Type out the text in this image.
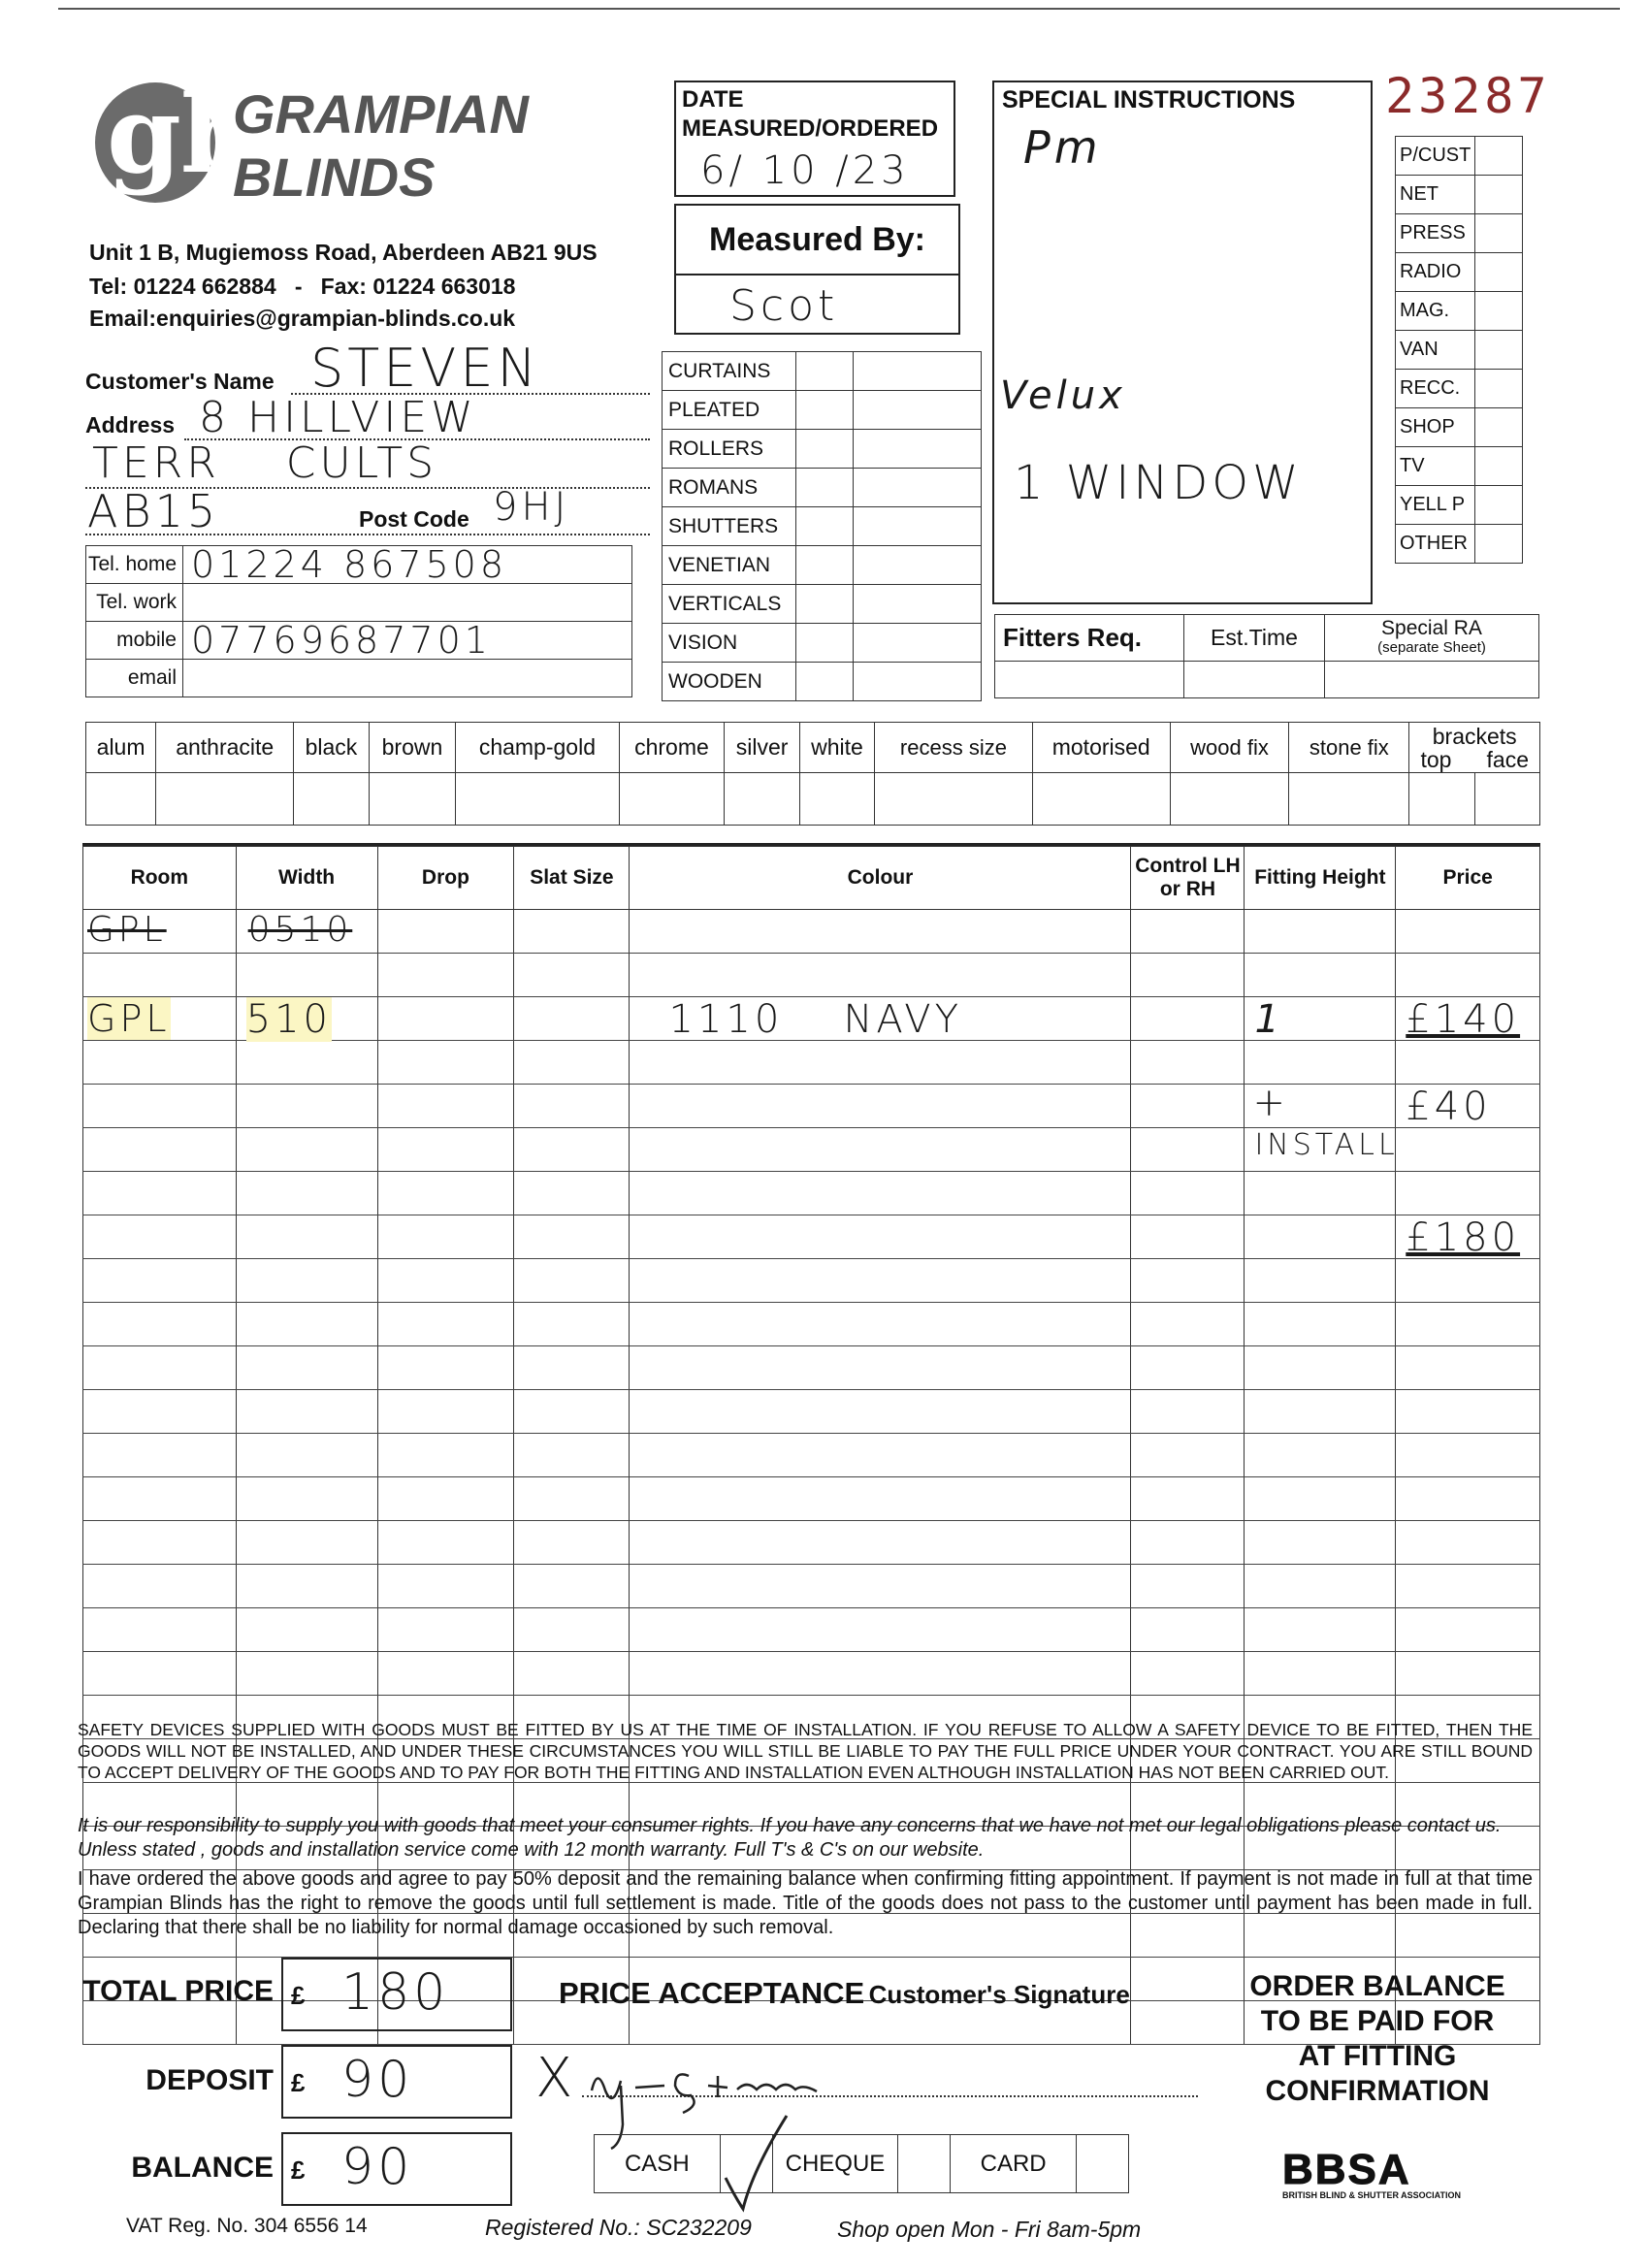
gb
GRAMPIAN
BLINDS
Unit 1 B, Mugiemoss Road, Aberdeen AB21 9US
Tel: 01224 662884   -   Fax: 01224 663018
Email:enquiries@grampian-blinds.co.uk
DATE
MEASURED/ORDERED
6/ 10 /23
Measured By:
Scot
SPECIAL INSTRUCTIONS
Pm
Velux
1 WINDOW
23287
P/CUST	
NET	
PRESS	
RADIO	
MAG.	
VAN	
RECC.	
SHOP	
TV	
YELL P	
OTHER	
Customer's Name STEVEN
Address 8 HILLVIEW
TERR CULTS
AB15	Post Code 9HJ
Tel. home	01224 867508
Tel. work	
mobile	07769687701
email	
CURTAINS		
PLEATED		
ROLLERS		
ROMANS		
SHUTTERS		
VENETIAN		
VERTICALS		
VISION		
WOODEN		
Fitters Req.	Est.Time	Special RA
(separate Sheet)

alum	anthracite	black	brown	champ-gold	chrome	silver	white	recess size	motorised	wood fix	stone fix	brackets
top face	

Room	Width	Drop	Slat Size	Colour	Control LH or RH	Fitting Height	Price

GPL	0510						

GPL	510			1110 NAVY		1	£140

						+	£40

						INSTALL	

							£180

SAFETY DEVICES SUPPLIED WITH GOODS MUST BE FITTED BY US AT THE TIME OF INSTALLATION. IF YOU REFUSE TO ALLOW A SAFETY DEVICE TO BE FITTED, THEN THE GOODS WILL NOT BE INSTALLED, AND UNDER THESE CIRCUMSTANCES YOU WILL STILL BE LIABLE TO PAY THE FULL PRICE UNDER YOUR CONTRACT. YOU ARE STILL BOUND TO ACCEPT DELIVERY OF THE GOODS AND TO PAY FOR BOTH THE FITTING AND INSTALLATION EVEN ALTHOUGH INSTALLATION HAS NOT BEEN CARRIED OUT.
It is our responsibility to supply you with goods that meet your consumer rights. If you have any concerns that we have not met our legal obligations please contact us. Unless stated , goods and installation service come with 12 month warranty. Full T's & C's on our website.
I have ordered the above goods and agree to pay 50% deposit and the remaining balance when confirming fitting appointment. If payment is not made in full at that time Grampian Blinds has the right to remove the goods until full settlement is made. Title of the goods does not pass to the customer until payment has been made in full. Declaring that there shall be no liability for normal damage occasioned by such removal.
TOTAL PRICE £ 180
DEPOSIT £ 90
BALANCE £ 90
PRICE ACCEPTANCE Customer's Signature
X
CASH		CHEQUE		CARD	
ORDER BALANCE
TO BE PAID FOR
AT FITTING
CONFIRMATION
BBSA
BRITISH BLIND & SHUTTER ASSOCIATION
VAT Reg. No. 304 6556 14	Registered No.: SC232209	Shop open Mon - Fri 8am-5pm
